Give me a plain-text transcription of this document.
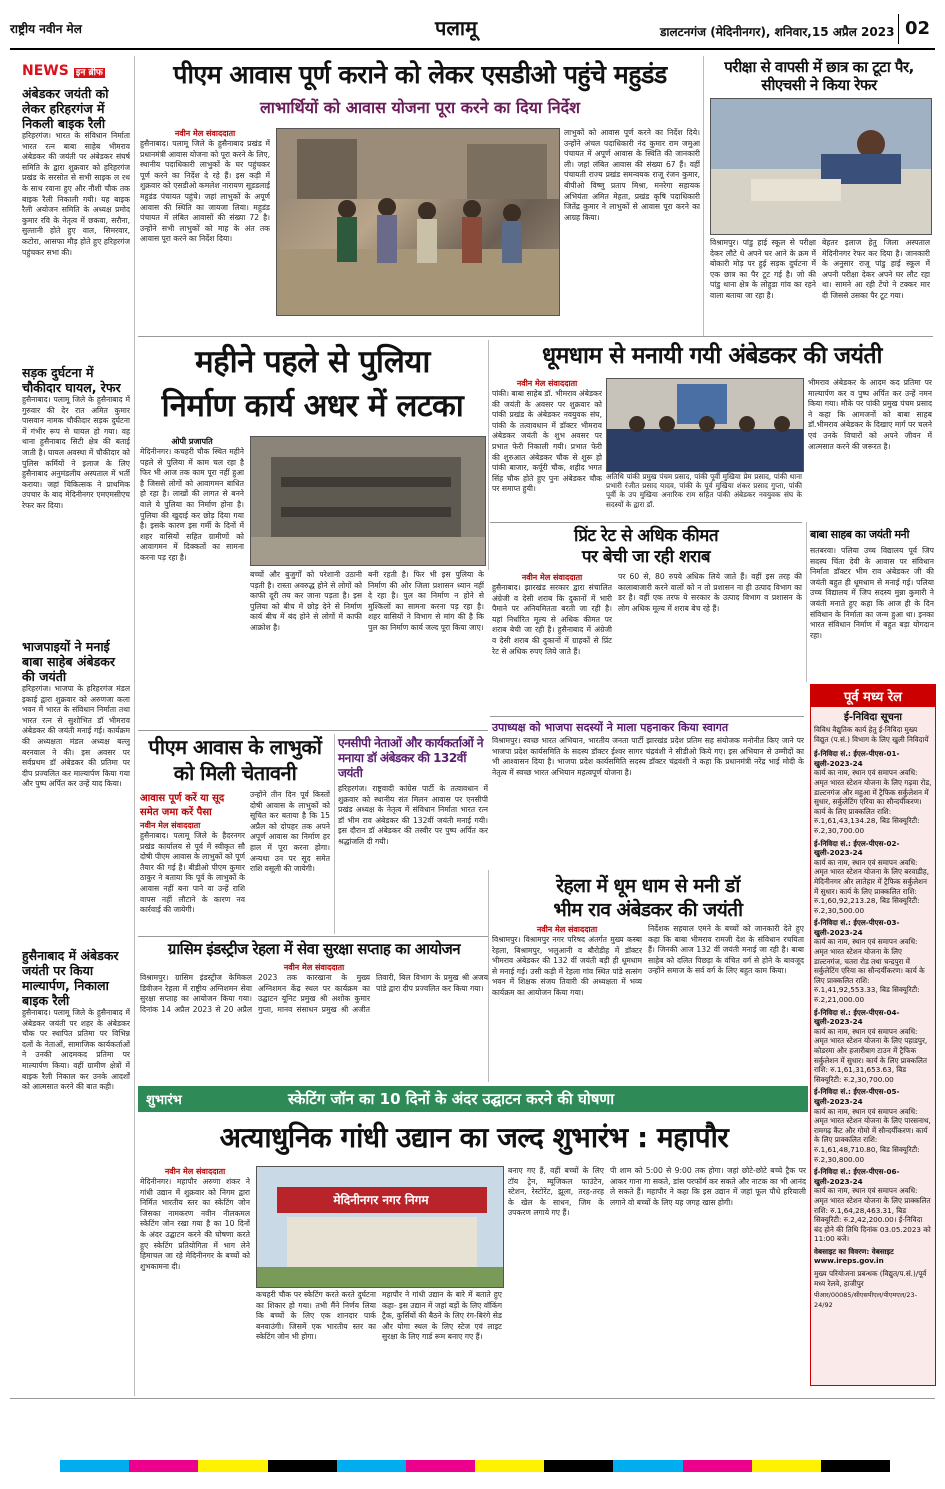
राष्ट्रीय नवीन मेल	पलामू	डालटनगंज (मेदिनीनगर), शनिवार,15 अप्रैल 2023 02
NEWS इन ब्रीफ
अंबेडकर जयंती को लेकर हरिहरगंज में निकली बाइक रैली
हरिहरगंज। भारत के संविधान निर्माता भारत रत्न बाबा साहेब भीमराव अंबेडकर की जयंती पर अंबेडकर संघर्ष समिति के द्वारा शुक्रवार को हरिहरगंज प्रखंड के सरसोत से सभी साइक ल रथ के साथ रवाना हुए और नौशी चौक तक बाइक रैली निकाली गयी। यह बाइक रैली अयोजन समिति के अध्यक्ष प्रमोद कुमार रवि के नेतृत्व में छकवा, सरौना, सुल्तानी होते हुए वाल, सिमरवार, कटोरा, आसफा मौड़ होते हुए हरिहरगंज पहुंचकर सभा की।
सड़क दुर्घटना में चौकीदार घायल, रेफर
हुसैनाबाद। पलामू जिले के हुसैनाबाद में गुरुवार की देर रात अमित कुमार पासवान नामक चौकीदार सड़क दुर्घटना में गंभीर रूप से घायल हो गया। वह थाना हुसैनाबाद सिटी क्षेत्र की बताई जाती है। घायल अवस्था में चौकीदार को पुलिस कर्मियों ने इलाज के लिए हुसैनाबाद अनुमंडलीय अस्पताल में भर्ती कराया। जहां चिकित्सक ने प्राथमिक उपचार के बाद मेदिनीनगर एमएमसीएच रेफर कर दिया।
भाजपाइयों ने मनाई बाबा साहेब अंबेडकर की जयंती
हरिहरगंज। भाजपा के हरिहरगंज मंडल इकाई द्वारा शुक्रवार को अरुणजा कला भवन में भारत के संविधान निर्माता तथा भारत रत्न से सुशोभित डॉ भीमराव अंबेडकर की जयंती मनाई गई। कार्यक्रम की अध्यक्षता मंडल अध्यक्ष बल्लू बरनवाल ने की। इस अवसर पर सर्वप्रथम डॉ अंबेडकर की प्रतिमा पर दीप प्रज्वलित कर माल्यार्पण किया गया और पुष्प अर्पित कर उन्हें याद किया।
हुसैनाबाद में अंबेडकर जयंती पर किया माल्यार्पण, निकाला बाइक रैली
हुसैनाबाद। पलामू जिले के हुसैनाबाद में अंबेडकर जयंती पर शहर के अंबेडकर चौक पर स्थापित प्रतिमा पर विभिन्न दलों के नेताओं, सामाजिक कार्यकर्ताओं ने उनकी आदमकद प्रतिमा पर माल्यार्पण किया। वहीं ग्रामीण क्षेत्रों में बाइक रैली निकाल कर उनके आदर्शों को आत्मसात करने की बात कही।
पीएम आवास पूर्ण कराने को लेकर एसडीओ पहुंचे महुडंड
लाभार्थियों को आवास योजना पूरा करने का दिया निर्देश
नवीन मेल संवाददाता
हुसैनाबाद। पलामू जिले के हुसैनाबाद प्रखंड में प्रधानमंत्री आवास योजना को पूरा करने के लिए, स्थानीय पदाधिकारी लाभुकों के घर पहुंचकर पूर्ण करने का निर्देश दे रहे हैं। इस कड़ी में शुक्रवार को एसडीओ कमलेश नारायण सूडडलाई महुडंड पंचायत पहुंचे। जहां लाभुकों के अपूर्ण आवास की स्थिति का जायजा लिया। महुडंड पंचायत में लंबित आवासों की संख्या 72 है। उन्होंने सभी लाभुकों को माह के अंत तक आवास पूरा करने का निर्देश दिया।
लाभुकों को आवास पूर्ण करने का निर्देश दिये। उन्होंने अंचल पदाधिकारी नंद कुमार राम जमुआ पंचायत में अपूर्ण आवास के स्थिति की जानकारी ली। जहां लंबित आवास की संख्या 67 हैं। वहीं पंचायती राज्य प्रखंड समन्वयक राजू रंजन कुमार, बीपीओ विष्णु प्रताप मिश्रा, मनरेगा सहायक अभियंता अमित मेहता, प्रखंड कृषि पदाधिकारी जितेंद्र कुमार ने लाभुकों से आवास पूरा करने का आग्रह किया।
परीक्षा से वापसी में छात्र का टूटा पैर, सीएचसी ने किया रेफर
विश्रामपुर। पांडु हाई स्कूल से परीक्षा देकर लौटे थे अपने घर आने के क्रम में बोकारी मोड़ पर हुई सड़क दुर्घटना में एक छात्र का पैर टूट गई है। जो की पांडु थाना क्षेत्र के लोहुडा गांव का रहने वाला बताया जा रहा है।
बेहतर इलाज हेतु जिला अस्पताल मेदिनीनगर रेफर कर दिया है। जानकारी के अनुसार राजू पांडु हाई स्कूल में अपनी परीक्षा देकर अपने घर लौट रहा था। सामने आ रही टेंपो ने टक्कर मार दी जिससे उसका पैर टूट गया।
महीने पहले से पुलिया
निर्माण कार्य अधर में लटका
ओपी प्रजापति
मेदिनीनगर। कचहरी चौक स्थित महीने पहले से पुलिया में काम चल रहा है फिर भी आज तक काम पूरा नहीं हुआ है जिससे लोगों को आवागमन बाधित हो रहा है। लाखों की लागत से बनने वाले ये पुलिया का निर्माण होना है। पुलिया की खुदाई कर छोड़ दिया गया है। इसके कारण इस गर्मी के दिनों में शहर वासियों सहित ग्रामीणों को आवागमन में दिक्कतों का सामना करना पड़ रहा है।
बच्चों और बुजुर्गों को परेशानी उठानी पड़ती है। रास्ता अवरुद्ध होने से लोगों को काफी दूरी तय कर जाना पड़ता है। इस पुलिया को बीच में छोड़ देने से निर्माण कार्य बीच में बंद होने से लोगों में काफी आक्रोश है।
बनी रहती है। फिर भी इस पुलिया के निर्माण की ओर जिला प्रशासन ध्यान नहीं दे रहा है। पुल का निर्माण न होने से मुश्किलों का सामना करना पड़ रहा है। शहर वासियों ने विभाग से मांग की है कि पुल का निर्माण कार्य जल्द पूरा किया जाए।
धूमधाम से मनायी गयी अंबेडकर की जयंती
नवीन मेल संवाददाता
पांकी। बाबा साहेब डॉ. भीमराव अंबेडकर की जयंती के अवसर पर शुक्रवार को पांकी प्रखंड के अंबेडकर नवयुवक संघ, पांकी के तत्वावधान में डॉक्टर भीमराव अंबेडकर जयंती के शुभ अवसर पर प्रभात फेरी निकाली गयी। प्रभात फेरी की शुरुआत अंबेडकर चौक से शुरू हो पांकी बाजार, कर्पूरी चौक, शहीद भगत सिंह चौक होते हुए पुनः अंबेडकर चौक पर समाप्त हुयी।
अतिथि पांकी प्रमुख पंचम प्रसाद, पांकी पूर्वी मुखिया प्रेम प्रसाद, पांकी थाना प्रभारी रंजीत प्रसाद यादव, पांकी के पूर्व मुखिया शंकर प्रसाद गुप्ता, पांकी पूर्वी के उप मुखिया अनारिक राम सहित पांकी अंबेडकर नवयुवक संघ के सदस्यों के द्वारा डॉ.
भीमराव अंबेडकर के आदम कद प्रतिमा पर माल्यार्पण कर व पुष्प अर्पित कर उन्हें नमन किया गया। मौके पर पांकी प्रमुख पंचम प्रसाद ने कहा कि आमजनों को बाबा साहब डॉ.भीमराव अंबेडकर के दिखाए मार्ग पर चलने एवं उनके विचारों को अपने जीवन में आत्मसात करने की जरूरत है।
प्रिंट रेट से अधिक कीमत
पर बेची जा रही शराब
नवीन मेल संवाददाता
हुसैनाबाद। झारखंड सरकार द्वारा संचालित अंग्रेजी व देसी शराब कि दुकानों में भारी पैमाने पर अनियमितता बरती जा रही है। यहां निर्धारित मूल्य से अधिक कीमत पर शराब बेची जा रही है। हुसैनाबाद में अंग्रेजी व देसी शराब की दुकानों में ग्राहकों से प्रिंट रेट से अधिक रुपए लिये जाते हैं।
पर 60 से, 80 रुपये अधिक लिये जाते हैं। वहीं इस तरह की कालाबाजारी करने वालों को न तो प्रशासन ना ही उत्पाद विभाग का डर है। वहीं एक तरफ ये सरकार के उत्पाद विभाग व प्रशासन के लोग अधिक मूल्य में शराब बेच रहे हैं।
बाबा साहब का जयंती मनी
सतबरवा। पलिया उच्च विद्यालय पूर्व जिप सदस्य चिंता देवी के आवास पर संविधान निर्माता डॉक्टर भीम राव अंबेडकर जी की जयंती बहुत ही धूमधाम से मनाई गई। पलिया उच्च विद्यालय में जिप सदस्य मुन्ना कुमारी ने जयंती मनाते हुए कहा कि आज ही के दिन संविधान के निर्माता का जन्म हुआ था। इनका भारत संविधान निर्माण में बहुत बड़ा योगदान रहा।
उपाध्यक्ष को भाजपा सदस्यों ने माला पहनाकर किया स्वागत
विश्रामपुर। स्वच्छ भारत अभियान, भारतीय जनता पार्टी झारखंड प्रदेश प्रतिम सह संयोजक मनोनीत किए जाने पर भाजपा प्रदेश कार्यसमिति के सदस्य डॉक्टर ईश्वर सागर चंद्रवंशी ने सीडीओ किये गए। इस अभियान से उम्मीदों का भी आश्वासन दिया है। भाजपा प्रदेश कार्यसमिति सदस्य डॉक्टर चंद्रवंशी ने कहा कि प्रधानमंत्री नरेंद्र भाई मोदी के नेतृत्व में स्वच्छ भारत अभियान महत्वपूर्ण योजना है।
पीएम आवास के लाभुकों
को मिली चेतावनी
आवास पूर्ण करें या सूद समेत जमा करें पैसा
नवीन मेल संवाददाता
हुसैनाबाद। पलामू जिले के हैदरनगर प्रखंड कार्यालय से पूर्व में स्वीकृत सौ दोषी पीएम आवास के लाभुकों को पूर्ण तैयार की गई है। बीडीओ पीएम कुमार ठाकुर ने बताया कि पूर्व के लाभुकों के आवास नहीं बना पाने वा उन्हें राशि वापस नहीं लौटाने के कारण नव कार्रवाई की जायेगी।
उन्होंने तीन दिन पूर्व किस्तों दोषी आवास के लाभुकों को सूचित कर बताया है कि 15 अप्रैल को दोपहर तक अपने अपूर्ण आवास का निर्माण हर हाल में पूरा करना होगा। अन्यथा उन पर सूद समेत राशि वसूली की जायेगी।
एनसीपी नेताओं और कार्यकर्ताओं ने मनाया डॉ अंबेडकर की 132वीं जयंती
हरिहरगंज। राष्ट्रवादी कांग्रेस पार्टी के तत्वावधान में शुक्रवार को स्थानीय संत मिलन आवास पर एनसीपी प्रखंड अध्यक्ष के नेतृत्व में संविधान निर्माता भारत रत्न डॉ भीम राव अंबेडकर की 132वीं जयंती मनाई गयी। इस दौरान डॉ अंबेडकर की तस्वीर पर पुष्प अर्पित कर श्रद्धांजलि दी गयी।
ग्रासिम इंडस्ट्रीज रेहला में सेवा सुरक्षा सप्ताह का आयोजन
नवीन मेल संवाददाता
विश्रामपुर। ग्रासिम इंडस्ट्रीज केमिकल डिवीजन रेहला में राष्ट्रीय अग्निशमन सेवा सुरक्षा सप्ताह का आयोजन किया गया। दिनांक 14 अप्रैल 2023 से 20 अप्रैल 2023 तक कारखाना के मुख्य अग्निशमन केंद्र स्थल पर कार्यक्रम का उद्घाटन यूनिट प्रमुख श्री अशोक कुमार गुप्ता, मानव संसाधन प्रमुख श्री अजीत तिवारी, बिल विभाग के प्रमुख श्री अजय पांडे द्वारा दीप प्रज्वलित कर किया गया।
रेहला में धूम धाम से मनी डॉ
भीम राव अंबेडकर की जयंती
नवीन मेल संवाददाता
विश्रामपुर। विश्रामपुर नगर परिषद अंतर्गत मुख्य कस्बा रेहला, बिश्रामपुर, भलुआनी व बौरोडीह में डॉक्टर भीमराव अंबेडकर की 132 वीं जयंती बड़ी ही धूमधाम से मनाई गई। उसी कड़ी में रेहला गांव स्थित पांडे सत्संग भवन में शिक्षक संजय तिवारी की अध्यक्षता में भव्य कार्यक्रम का आयोजन किया गया।
निर्देशक सहयाल एमने के बच्चों को जानकारी देते हुए कहा कि बाबा भीमराव रामजी देश के संविधान रचयिता हैं। जिनकी आज 132 वीं जयंती मनाई जा रही है। बाबा साहेब को दलित पिछड़ा के वंचित वर्ग से होने के बावजूद उन्होंने समाज के सर्व वर्ग के लिए बहुत काम किया।
पूर्व मध्य रेल
ई-निविदा सूचना
विविध वैद्युतिक कार्य हेतु ई-निविदा मुख्य विद्युत (प.सं.) विभाग के लिए खुली निविदायें
ई-निविदा सं.: ईएल-पीएस-01-खुली-2023-24
कार्य का नाम, स्थान एवं समापन अवधि: अमृत भारत स्टेशन योजना के लिए गढ़वा रोड, डाल्टनगंज और महुआ में ट्रैफिक सर्कुलेशन में सुधार, सर्कुलेटिंग एरिया का सौन्दर्यीकरण। कार्य के लिए प्राक्कलित राशि: रु.1,61,43,134.28, बिड सिक्यूरिटी: रु.2,30,700.00
ई-निविदा सं.: ईएल-पीएस-02-खुली-2023-24
कार्य का नाम, स्थान एवं समापन अवधि: अमृत भारत स्टेशन योजना के लिए बरवाडीह, मेदिनीनगर और लातेहार में ट्रैफिक सर्कुलेशन में सुधार। कार्य के लिए प्राक्कलित राशि: रु.1,60,92,213.28, बिड सिक्यूरिटी: रु.2,30,500.00
ई-निविदा सं.: ईएल-पीएस-03-खुली-2023-24
कार्य का नाम, स्थान एवं समापन अवधि: अमृत भारत स्टेशन योजना के लिए डाल्टनगंज, चतरा रोड तथा चन्द्रपुरा में सर्कुलेटिंग एरिया का सौन्दर्यीकरण। कार्य के लिए प्राक्कलित राशि: रु.1,41,92,553.33, बिड सिक्यूरिटी: रु.2,21,000.00
ई-निविदा सं.: ईएल-पीएस-04-खुली-2023-24
कार्य का नाम, स्थान एवं समापन अवधि: अमृत भारत स्टेशन योजना के लिए पहाडपुर, कोडरमा और हजारीबाग टाउन में ट्रैफिक सर्कुलेशन में सुधार। कार्य के लिए प्राक्कलित राशि: रु.1,61,31,653.63, बिड सिक्यूरिटी: रु.2,30,700.00
ई-निविदा सं.: ईएल-पीएस-05-खुली-2023-24
कार्य का नाम, स्थान एवं समापन अवधि: अमृत भारत स्टेशन योजना के लिए पारसनाथ, रामगढ़ कैंट और गोमो में सौन्दर्यीकरण। कार्य के लिए प्राक्कलित राशि: रु.1,61,48,710.80, बिड सिक्यूरिटी: रु.2,30,800.00
ई-निविदा सं.: ईएल-पीएस-06-खुली-2023-24
कार्य का नाम, स्थान एवं समापन अवधि: अमृत भारत स्टेशन योजना के लिए प्राक्कलित राशि: रु.1,64,28,463.31, बिड सिक्यूरिटी: रु.2,42,200.00। ई-निविदा बंद होने की तिथि दिनांक 03.05.2023 को 11:00 बजे।
वेबसाइट का विवरण: वेबसाइट www.ireps.gov.in
मुख्य परियोजना प्रबन्धक (विद्युत/प.सं.)/पूर्व मध्य रेलवे, हाजीपुर
पीआर/00085/सीएसपीएल/पीएमएल/23-24/92
शुभारंभ	स्केटिंग जॉन का 10 दिनों के अंदर उद्घाटन करने की घोषणा
अत्याधुनिक गांधी उद्यान का जल्द शुभारंभ : महापौर
नवीन मेल संवाददाता
मेदिनीनगर। महापौर अरुणा शंकर ने गांधी उद्यान में शुक्रवार को निगम द्वारा निर्मित भारतीय स्तर का स्केटिंग जोन जिसका नामकरण नवीन नीलकमल स्केटिंग जोन रखा गया है का 10 दिनों के अंदर उद्घाटन करने की घोषणा करते हुए स्केटिंग प्रतियोगिता में भाग लेने हिमाचल जा रहे मेदिनीनगर के बच्चों को शुभकामना दी।
मेदिनीनगर नगर निगम
कचहरी चौक पर स्केटिंग करते करते दुर्घटना का शिकार हो गया। तभी मैंने निर्णय लिया कि बच्चों के लिए एक शानदार पार्क बनवाउंगी। जिसमें एक भारतीय स्तर का स्केटिंग जोन भी होगा।
महापौर ने गांधी उद्यान के बारे में बताते हुए कहा- इस उद्यान में जहां बड़ों के लिए वॉकिंग ट्रैक, कुर्सियों की बैठने के लिए रंग-बिरंगे सेड और योगा स्थल के लिए स्टेज एवं लाइट सुरक्षा के लिए गार्ड रूम बनाए गए हैं।
बनाए गए हैं, वहीं बच्चों के लिए टॉय ट्रेन, म्यूजिकल फाउंटेन, स्टेशन, रेस्टोरेंट, झूला, तरह-तरह के खेल के साधन, जिम के उपकरण लगाये गए हैं।
पी शाम को 5:00 से 9:00 तक होगा। जहां छोटे-छोटे बच्चे ट्रैक पर आकर गाना गा सकते, डांस परफॉर्म कर सकते और नाटक का भी आनंद ले सकते हैं। महापौर ने कहा कि इस उद्यान में जहां फूल पौधे हरियाली लगाने वो बच्चों के लिए यह जगह खास होगी।
